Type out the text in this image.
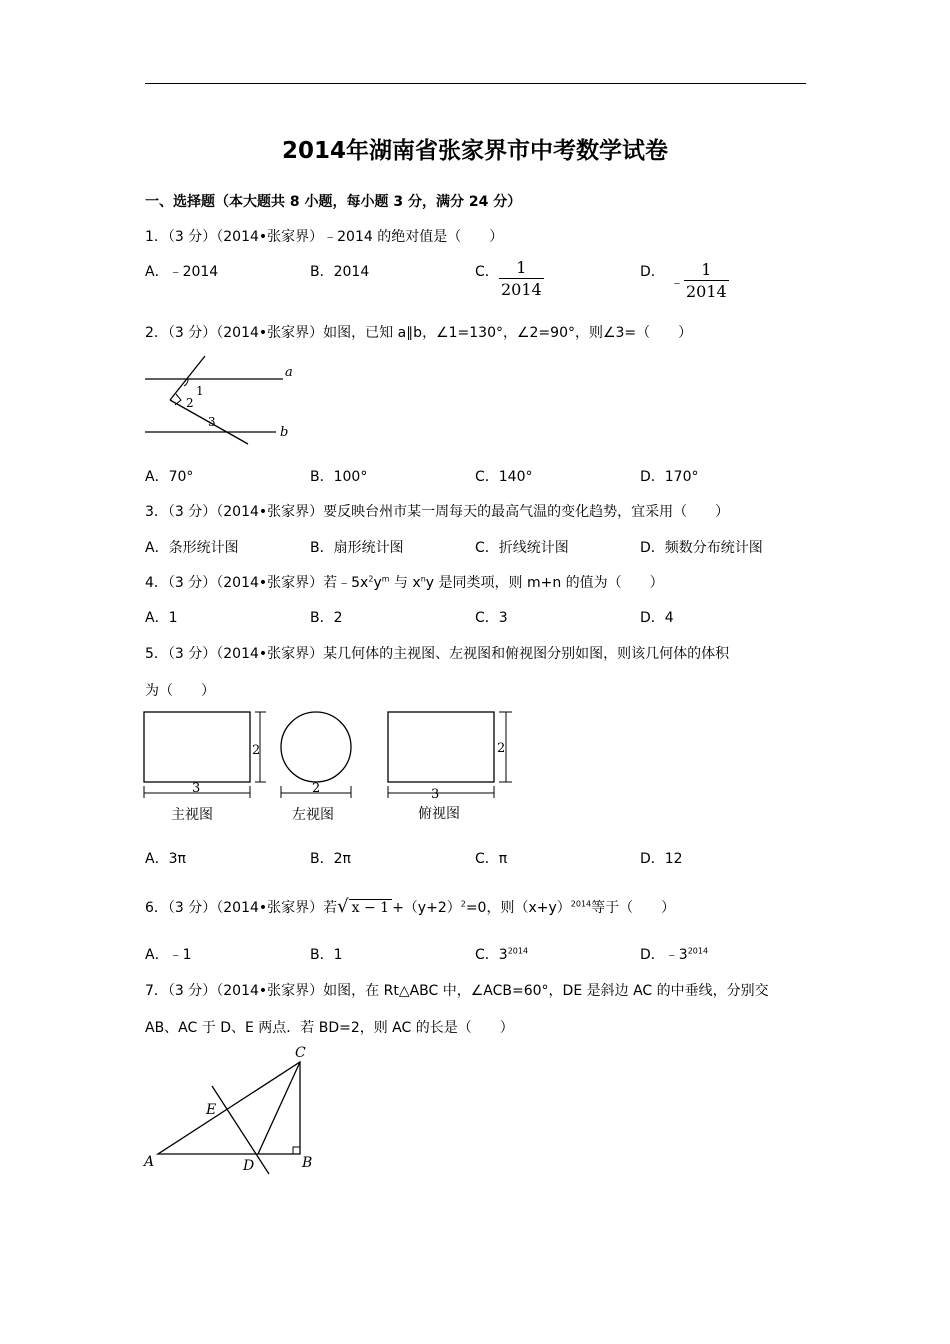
2014年湖南省张家界市中考数学试卷
一、选择题（本大题共 8 小题，每小题 3 分，满分 24 分）
1．（3 分）（2014•张家界）﹣2014 的绝对值是（　　）
A．﹣2014	B．2014	C．	1
2014
D．
﹣
1
2014
2．（3 分）（2014•张家界）如图，已知 a∥b，∠1=130°，∠2=90°，则∠3=（　　）
a
b
1
2
3
A．70°	B．100°	C．140°	D．170°
3．（3 分）（2014•张家界）要反映台州市某一周每天的最高气温的变化趋势，宜采用（　　）
A．条形统计图	B．扇形统计图	C．折线统计图	D．频数分布统计图
4．（3 分）（2014•张家界）若$﹣5x^2y^m$ 与 $x^ny$ 是同类项，则 m+n 的值为（　　）
A．1	B．2	C．3	D．4
5．（3 分）（2014•张家界）某几何体的主视图、左视图和俯视图分别如图，则该几何体的体积
为（　　）
2
3
主视图
2
左视图
2
3
俯视图
A．3π	B．2π	C．π	D．12
6．（3 分）（2014•张家界）若√ $x - 1 +(y+2)^2=0$，则$(x+y)^{2014}$等于（　　）
A．﹣1	B．1	C．$3^{2014}$	D．$﹣3^{2014}$
7．（3 分）（2014•张家界）如图，在 Rt△ABC 中，∠ACB=60°，DE 是斜边 AC 的中垂线，分别交
AB、AC 于 D、E 两点．若 BD=2，则 AC 的长是（　　）
A	B
C
D
E
